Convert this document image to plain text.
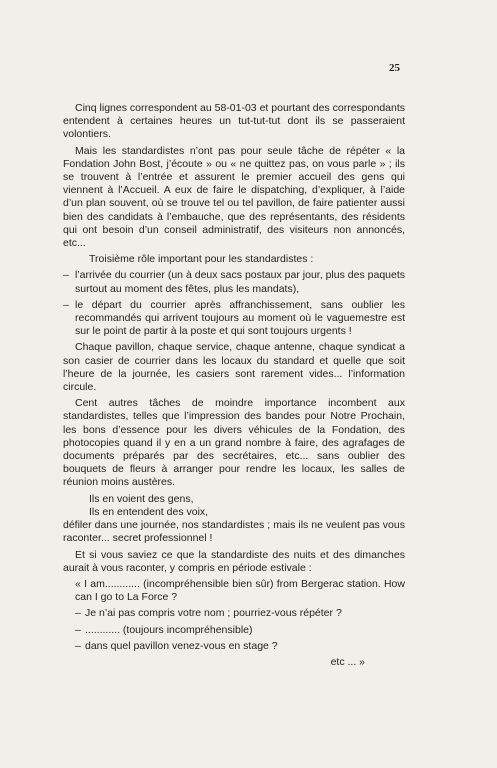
25

Cinq lignes correspondent au 58-01-03 et pourtant des correspondants entendent à certaines heures un tut-tut-tut dont ils se passeraient volontiers.

Mais les standardistes n’ont pas pour seule tâche de répéter « la Fondation John Bost, j’écoute » ou « ne quittez pas, on vous parle » ; ils se trouvent à l’entrée et assurent le premier accueil des gens qui viennent à l’Accueil. A eux de faire le dispatching, d’expliquer, à l’aide d’un plan souvent, où se trouve tel ou tel pavillon, de faire patienter aussi bien des candidats à l’embauche, que des représentants, des résidents qui ont besoin d’un conseil administratif, des visiteurs non annoncés, etc...

Troisième rôle important pour les standardistes :

– l’arrivée du courrier (un à deux sacs postaux par jour, plus des paquets surtout au moment des fêtes, plus les mandats),
– le départ du courrier après affranchissement, sans oublier les recommandés qui arrivent toujours au moment où le vaguemestre est sur le point de partir à la poste et qui sont toujours urgents !

Chaque pavillon, chaque service, chaque antenne, chaque syndicat a son casier de courrier dans les locaux du standard et quelle que soit l’heure de la journée, les casiers sont rarement vides... l’information circule.

Cent autres tâches de moindre importance incombent aux standardistes, telles que l’impression des bandes pour Notre Prochain, les bons d’essence pour les divers véhicules de la Fondation, des photocopies quand il y en a un grand nombre à faire, des agrafages de documents préparés par des secrétaires, etc... sans oublier des bouquets de fleurs à arranger pour rendre les locaux, les salles de réunion moins austères.

Ils en voient des gens,
Ils en entendent des voix,
défiler dans une journée, nos standardistes ; mais ils ne veulent pas vous raconter... secret professionnel !

Et si vous saviez ce que la standardiste des nuits et des dimanches aurait à vous raconter, y compris en période estivale :

« I am............ (incompréhensible bien sûr) from Bergerac station. How can I go to La Force ?

– Je n’ai pas compris votre nom ; pourriez-vous répéter ?
– ............ (toujours incompréhensible)
– dans quel pavillon venez-vous en stage ?
etc ... »
